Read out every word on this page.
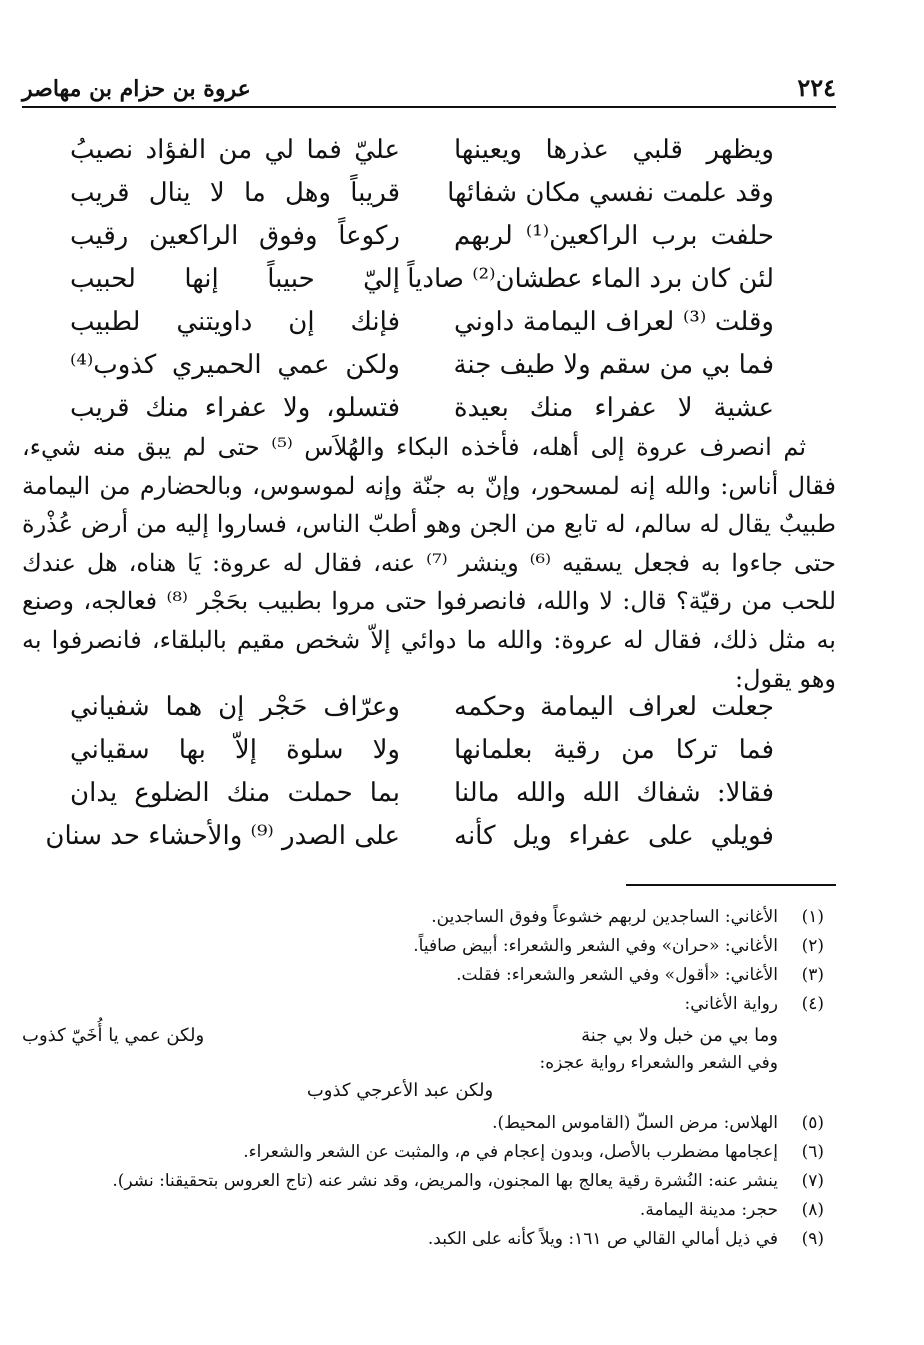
٢٢٤
عروة بن حزام بن مهاصر
ويظهر قلبي عذرها ويعينها
عليّ فما لي من الفؤاد نصيبُ
وقد علمت نفسي مكان شفائها
قريباً وهل ما لا ينال قريب
حلفت برب الراكعين⁽¹⁾ لربهم
ركوعاً وفوق الراكعين رقيب
لئن كان برد الماء عطشان⁽²⁾ صادياً
إليّ حبيباً إنها لحبيب
وقلت ⁽³⁾ لعراف اليمامة داوني
فإنك إن داويتني لطبيب
فما بي من سقم ولا طيف جنة
ولكن عمي الحميري كذوب⁽⁴⁾
عشية لا عفراء منك بعيدة
فتسلو، ولا عفراء منك قريب

ثم انصرف عروة إلى أهله، فأخذه البكاء والهُلاَس ⁽⁵⁾ حتى لم يبق منه شيء، فقال أناس: والله إنه لمسحور، وإنّ به جنّة وإنه لموسوس، وبالحضارم من اليمامة طبيبٌ يقال له سالم، له تابع من الجن وهو أطبّ الناس، فساروا إليه من أرض عُذْرة حتى جاءوا به فجعل يسقيه ⁽⁶⁾ وينشر ⁽⁷⁾ عنه، فقال له عروة: يَا هناه، هل عندك للحب من رقيّة؟ قال: لا والله، فانصرفوا حتى مروا بطبيب بحَجْر ⁽⁸⁾ فعالجه، وصنع به مثل ذلك، فقال له عروة: والله ما دوائي إلاّ شخص مقيم بالبلقاء، فانصرفوا به وهو يقول:

جعلت لعراف اليمامة وحكمه
وعرّاف حَجْر إن هما شفياني
فما تركا من رقية بعلمانها
ولا سلوة إلاّ بها سقياني
فقالا: شفاك الله والله مالنا
بما حملت منك الضلوع يدان
فويلي على عفراء ويل كأنه
على الصدر ⁽⁹⁾ والأحشاء حد سنان
(١)
الأغاني: الساجدين لربهم خشوعاً وفوق الساجدين.
(٢)
الأغاني: «حران» وفي الشعر والشعراء: أبيض صافياً.
(٣)
الأغاني: «أقول» وفي الشعر والشعراء: فقلت.
(٤)
رواية الأغاني:
وما بي من خبل ولا بي جنة
ولكن عمي يا أُخَيّ كذوب
وفي الشعر والشعراء رواية عجزه:
ولكن عبد الأعرجي كذوب
(٥)
الهلاس: مرض السلّ (القاموس المحيط).
(٦)
إعجامها مضطرب بالأصل، وبدون إعجام في م، والمثبت عن الشعر والشعراء.
(٧)
ينشر عنه: النُشرة رقية يعالج بها المجنون، والمريض، وقد نشر عنه (تاج العروس بتحقيقنا: نشر).
(٨)
حجر: مدينة اليمامة.
(٩)
في ذيل أمالي القالي ص ١٦١: ويلاً كأنه على الكبد.
